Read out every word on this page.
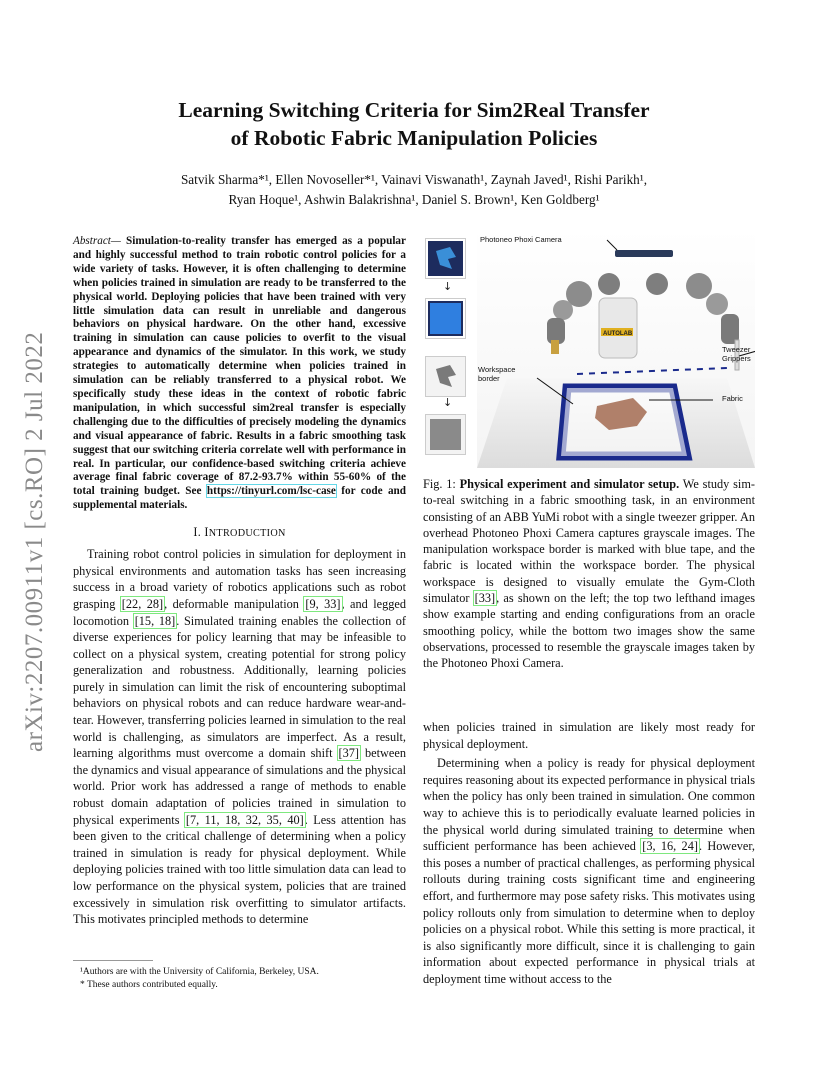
arXiv:2207.00911v1 [cs.RO] 2 Jul 2022
Learning Switching Criteria for Sim2Real Transfer
of Robotic Fabric Manipulation Policies
Satvik Sharma*¹, Ellen Novoseller*¹, Vainavi Viswanath¹, Zaynah Javed¹, Rishi Parikh¹,
Ryan Hoque¹, Ashwin Balakrishna¹, Daniel S. Brown¹, Ken Goldberg¹

Abstract— Simulation-to-reality transfer has emerged as a popular and highly successful method to train robotic control policies for a wide variety of tasks. However, it is often challenging to determine when policies trained in simulation are ready to be transferred to the physical world. Deploying policies that have been trained with very little simulation data can result in unreliable and dangerous behaviors on physical hardware. On the other hand, excessive training in simulation can cause policies to overfit to the visual appearance and dynamics of the simulator. In this work, we study strategies to automatically determine when policies trained in simulation can be reliably transferred to a physical robot. We specifically study these ideas in the context of robotic fabric manipulation, in which successful sim2real transfer is especially challenging due to the difficulties of precisely modeling the dynamics and visual appearance of fabric. Results in a fabric smoothing task suggest that our switching criteria correlate well with performance in real. In particular, our confidence-based switching criteria achieve average final fabric coverage of 87.2-93.7% within 55-60% of the total training budget. See https://tinyurl.com/lsc-case for code and supplemental materials.

I. INTRODUCTION

Training robot control policies in simulation for deployment in physical environments and automation tasks has seen increasing success in a broad variety of robotics applications such as robot grasping [22, 28], deformable manipulation [9, 33], and legged locomotion [15, 18]. Simulated training enables the collection of diverse experiences for policy learning that may be infeasible to collect on a physical system, creating potential for strong policy generalization and robustness. Additionally, learning policies purely in simulation can limit the risk of encountering suboptimal behaviors on physical robots and can reduce hardware wear-and-tear. However, transferring policies learned in simulation to the real world is challenging, as simulators are imperfect. As a result, learning algorithms must overcome a domain shift [37] between the dynamics and visual appearance of simulations and the physical world. Prior work has addressed a range of methods to enable robust domain adaptation of policies trained in simulation to physical experiments [7, 11, 18, 32, 35, 40]. Less attention has been given to the critical challenge of determining when a policy trained in simulation is ready for physical deployment. While deploying policies trained with too little simulation data can lead to low performance on the physical system, policies that are trained excessively in simulation risk overfitting to simulator artifacts. This motivates principled methods to determine

¹Authors are with the University of California, Berkeley, USA.
* These authors contributed equally.
↓
↓
AUTOLAB
Photoneo Phoxi Camera
Tweezer
Grippers
Workspace
border
Fabric

Fig. 1: Physical experiment and simulator setup. We study sim-to-real switching in a fabric smoothing task, in an environment consisting of an ABB YuMi robot with a single tweezer gripper. An overhead Photoneo Phoxi Camera captures grayscale images. The manipulation workspace border is marked with blue tape, and the fabric is located within the workspace border. The physical workspace is designed to visually emulate the Gym-Cloth simulator [33], as shown on the left; the top two lefthand images show example starting and ending configurations from an oracle smoothing policy, while the bottom two images show the same observations, processed to resemble the grayscale images taken by the Photoneo Phoxi Camera.

when policies trained in simulation are likely most ready for physical deployment.

Determining when a policy is ready for physical deployment requires reasoning about its expected performance in physical trials when the policy has only been trained in simulation. One common way to achieve this is to periodically evaluate learned policies in the physical world during simulated training to determine when sufficient performance has been achieved [3, 16, 24]. However, this poses a number of practical challenges, as performing physical rollouts during training costs significant time and engineering effort, and furthermore may pose safety risks. This motivates using policy rollouts only from simulation to determine when to deploy policies on a physical robot. While this setting is more practical, it is also significantly more difficult, since it is challenging to gain information about expected performance in physical trials at deployment time without access to the
